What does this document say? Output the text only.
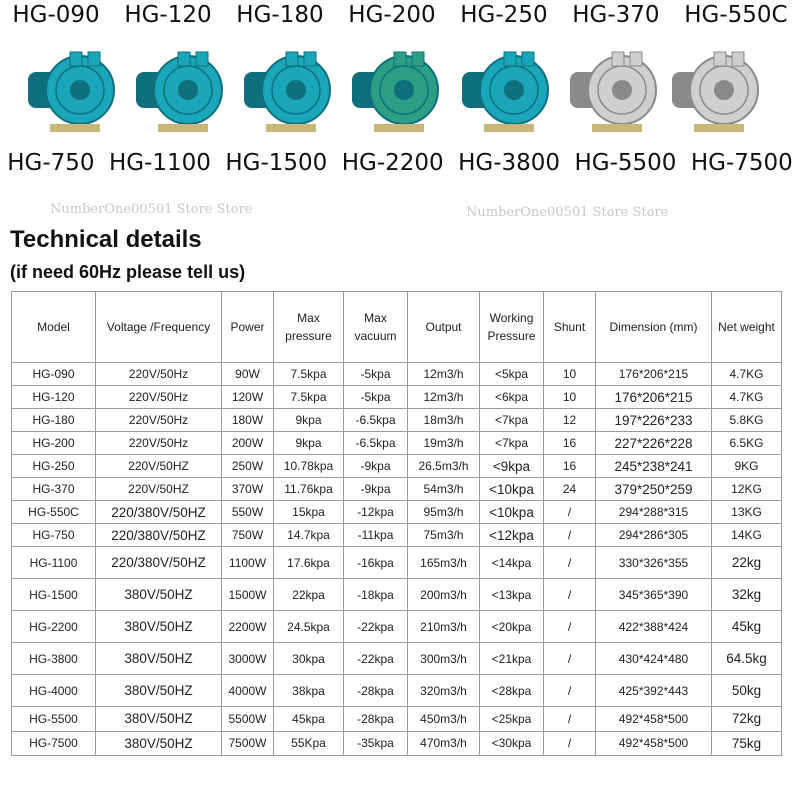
HG-090 HG-120 HG-180 HG-200 HG-250 HG-370 HG-550C
HG-750 HG-1100 HG-1500 HG-2200 HG-3800 HG-5500 HG-7500
NumberOne00501 Store Store	NumberOne00501 Store Store
Technical details
(if need 60Hz please tell us)
Model	Voltage /Frequency	Power	Max pressure	Max vacuum	Output	Working Pressure	Shunt	Dimension (mm)	Net weight
HG-090	220V/50Hz	90W	7.5kpa	-5kpa	12m3/h	<5kpa	10	176*206*215	4.7KG
HG-120	220V/50Hz	120W	7.5kpa	-5kpa	12m3/h	<6kpa	10	176*206*215	4.7KG
HG-180	220V/50Hz	180W	9kpa	-6.5kpa	18m3/h	<7kpa	12	197*226*233	5.8KG
HG-200	220V/50Hz	200W	9kpa	-6.5kpa	19m3/h	<7kpa	16	227*226*228	6.5KG
HG-250	220V/50HZ	250W	10.78kpa	-9kpa	26.5m3/h	<9kpa	16	245*238*241	9KG
HG-370	220V/50HZ	370W	11.76kpa	-9kpa	54m3/h	<10kpa	24	379*250*259	12KG
HG-550C	220/380V/50HZ	550W	15kpa	-12kpa	95m3/h	<10kpa	/	294*288*315	13KG
HG-750	220/380V/50HZ	750W	14.7kpa	-11kpa	75m3/h	<12kpa	/	294*286*305	14KG
HG-1100	220/380V/50HZ	1100W	17.6kpa	-16kpa	165m3/h	<14kpa	/	330*326*355	22kg
HG-1500	380V/50HZ	1500W	22kpa	-18kpa	200m3/h	<13kpa	/	345*365*390	32kg
HG-2200	380V/50HZ	2200W	24.5kpa	-22kpa	210m3/h	<20kpa	/	422*388*424	45kg
HG-3800	380V/50HZ	3000W	30kpa	-22kpa	300m3/h	<21kpa	/	430*424*480	64.5kg
HG-4000	380V/50HZ	4000W	38kpa	-28kpa	320m3/h	<28kpa	/	425*392*443	50kg
HG-5500	380V/50HZ	5500W	45kpa	-28kpa	450m3/h	<25kpa	/	492*458*500	72kg
HG-7500	380V/50HZ	7500W	55Kpa	-35kpa	470m3/h	<30kpa	/	492*458*500	75kg
